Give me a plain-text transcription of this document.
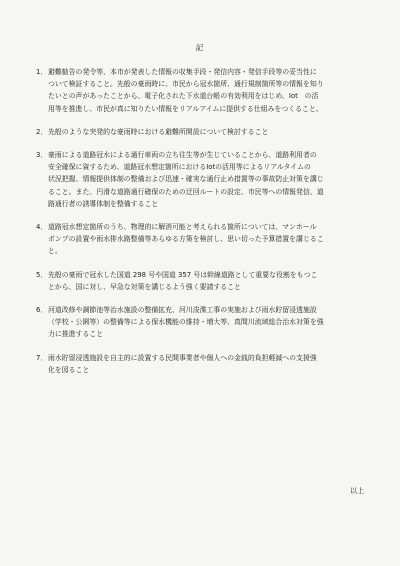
記
1． 避難勧告の発令等、本市が発表した情報の収集手段・発信内容・発信手段等の妥当性に
ついて検証すること。先般の豪雨時に、市民から冠水箇所、通行規制箇所等の情報を知り
たいとの声があったことから、電子化された下水道台帳の有効利用をはじめ、Iot　の活
用等を推進し、市民が真に知りたい情報をリアルアイムに提供する仕組みをつくること。
2． 先般のような突発的な豪雨時における避難所開設について検討すること
3． 豪雨による道路冠水による通行車両の立ち往生等が生じていることから、道路利用者の
安全確保に資するため、道路冠水想定箇所におけるIotの活用等によるリアルタイムの
状況把握、情報提供体制の整備および迅速・確実な通行止め措置等の事故防止対策を講じ
ること。また、円滑な道路通行確保のための迂回ルートの設定、市民等への情報発信、道
路通行者の誘導体制を整備すること
4． 道路冠水想定箇所のうち、物理的に解消可能と考えられる箇所については、マンホール
ポンプの設置や雨水排水路整備等あらゆる方策を検討し、思い切った予算措置を講じるこ
と。
5． 先般の豪雨で冠水した国道 298 号や国道 357 号は幹線道路として重要な役割をもつこ
とから、国に対し、早急な対策を講じるよう強く要請すること
6． 河道改修や調節池等治水施設の整備拡充、河川浚渫工事の実施および雨水貯留浸透施設
（学校・公園等）の整備等による保水機能の維持・増大等、真間川流域総合治水対策を強
力に推進すること
7． 雨水貯留浸透施設を自主的に設置する民間事業者や個人への金銭的負担軽減への支援強
化を図ること
以上
